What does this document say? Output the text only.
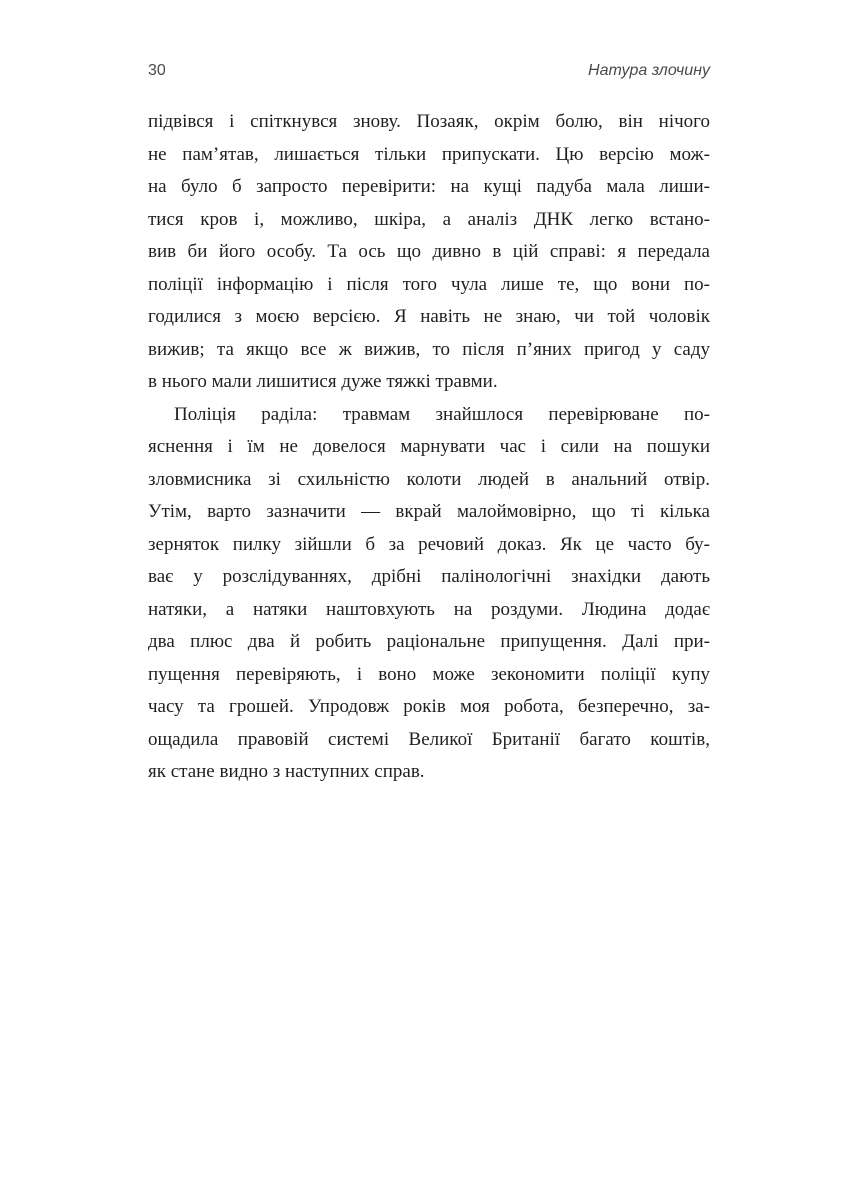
30	Натура злочину
підвівся і спіткнувся знову. Позаяк, окрім болю, він нічого
не пам’ятав, лишається тільки припускати. Цю версію мож-
на було б запросто перевірити: на кущі падуба мала лиши-
тися кров і, можливо, шкіра, а аналіз ДНК легко встано-
вив би його особу. Та ось що дивно в цій справі: я передала
поліції інформацію і після того чула лише те, що вони по-
годилися з моєю версією. Я навіть не знаю, чи той чоловік
вижив; та якщо все ж вижив, то після п’яних пригод у саду
в нього мали лишитися дуже тяжкі травми.
Поліція раділа: травмам знайшлося перевірюване по-
яснення і їм не довелося марнувати час і сили на пошуки
зловмисника зі схильністю колоти людей в анальний отвір.
Утім, варто зазначити — вкрай малоймовірно, що ті кілька
зерняток пилку зійшли б за речовий доказ. Як це часто бу-
ває у розслідуваннях, дрібні палінологічні знахідки дають
натяки, а натяки наштовхують на роздуми. Людина додає
два плюс два й робить раціональне припущення. Далі при-
пущення перевіряють, і воно може зекономити поліції купу
часу та грошей. Упродовж років моя робота, безперечно, за-
ощадила правовій системі Великої Британії багато коштів,
як стане видно з наступних справ.
